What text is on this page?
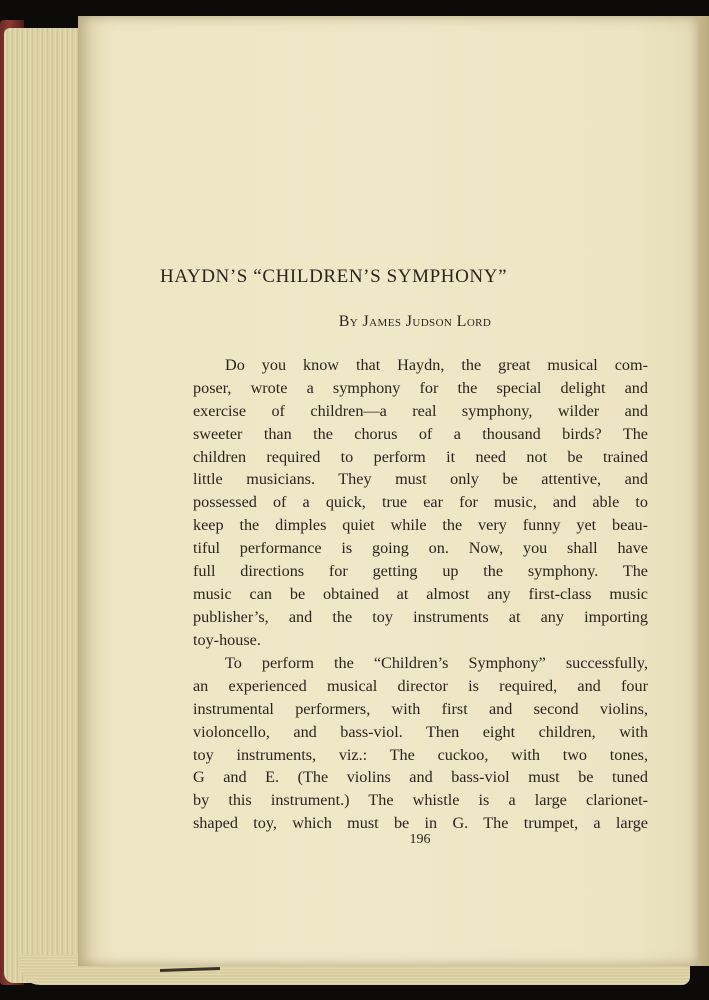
HAYDN’S “CHILDREN’S SYMPHONY”
By James Judson Lord
Do you know that Haydn, the great musical com-
poser, wrote a symphony for the special delight and
exercise of children—a real symphony, wilder and
sweeter than the chorus of a thousand birds? The
children required to perform it need not be trained
little musicians. They must only be attentive, and
possessed of a quick, true ear for music, and able to
keep the dimples quiet while the very funny yet beau-
tiful performance is going on. Now, you shall have
full directions for getting up the symphony. The
music can be obtained at almost any first-class music
publisher’s, and the toy instruments at any importing
toy-house.
To perform the “Children’s Symphony” successfully,
an experienced musical director is required, and four
instrumental performers, with first and second violins,
violoncello, and bass-viol. Then eight children, with
toy instruments, viz.: The cuckoo, with two tones,
G and E. (The violins and bass-viol must be tuned
by this instrument.) The whistle is a large clarionet-
shaped toy, which must be in G. The trumpet, a large
196
